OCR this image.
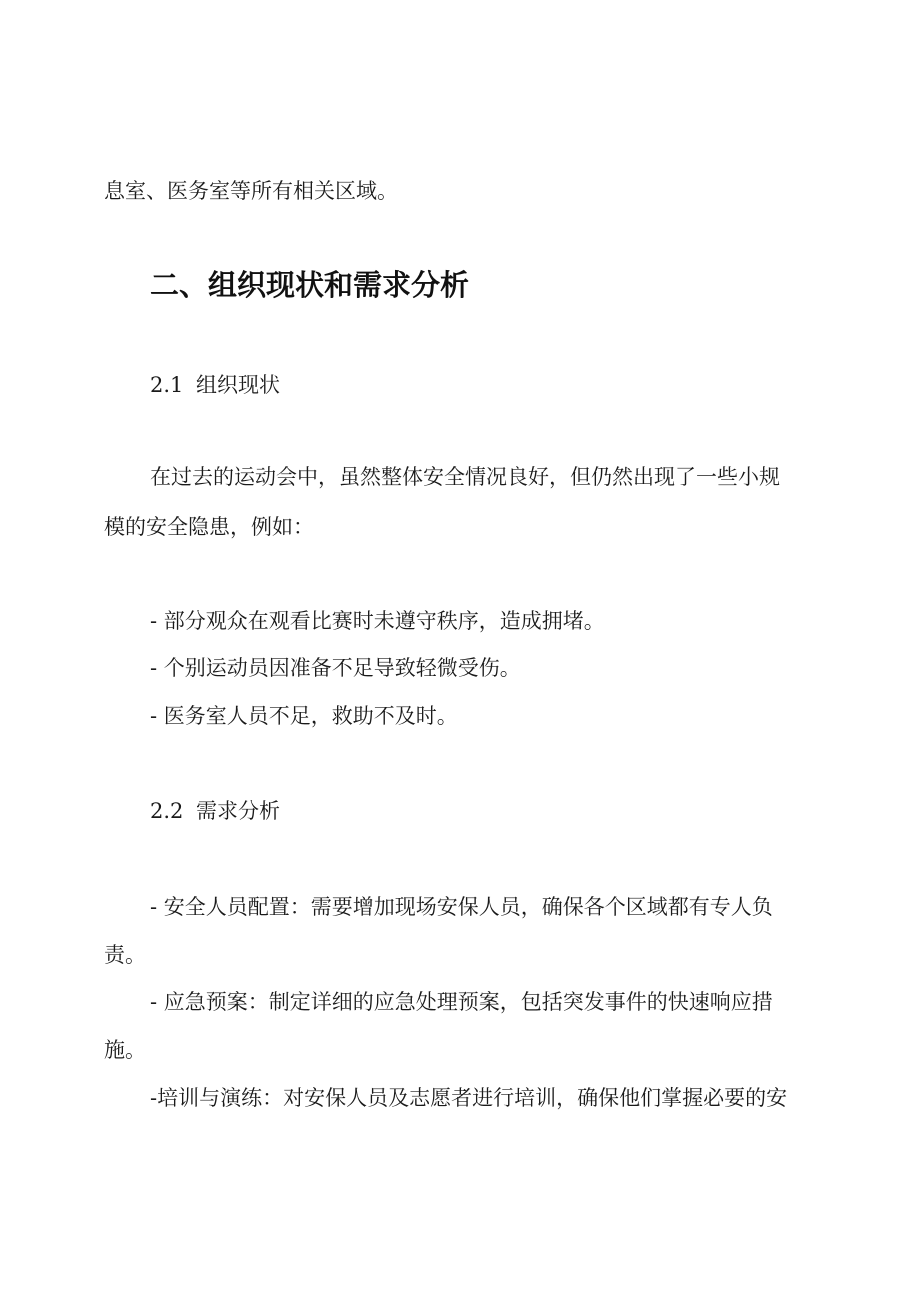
息室、医务室等所有相关区域。
二、组织现状和需求分析
2.1 组织现状
在过去的运动会中，虽然整体安全情况良好，但仍然出现了一些小规
模的安全隐患，例如：
- 部分观众在观看比赛时未遵守秩序，造成拥堵。
- 个别运动员因准备不足导致轻微受伤。
- 医务室人员不足，救助不及时。
2.2 需求分析
- 安全人员配置：需要增加现场安保人员，确保各个区域都有专人负
责。
- 应急预案：制定详细的应急处理预案，包括突发事件的快速响应措
施。
-培训与演练：对安保人员及志愿者进行培训，确保他们掌握必要的安
